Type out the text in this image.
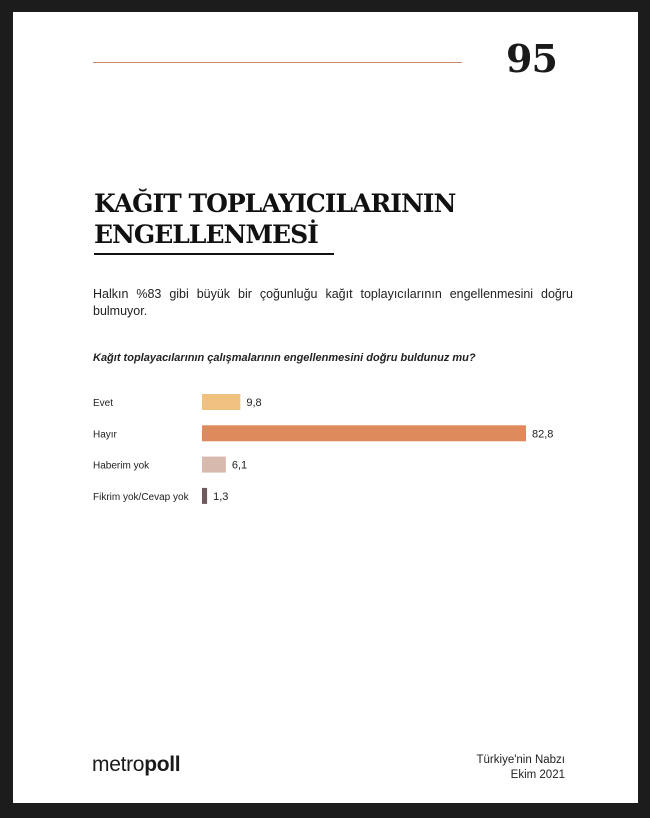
95
KAĞIT TOPLAYICILARININ
ENGELLENMESİ
Halkın %83 gibi büyük bir çoğunluğu kağıt toplayıcılarının engellenmesini doğru bulmuyor.
Kağıt toplayacılarının çalışmalarının engellenmesini doğru buldunuz mu?
Evet	9,8
Hayır	82,8
Haberim yok	6,1
Fikrim yok/Cevap yok 1,3
metropoll	Türkiye'nin Nabzı
Ekim 2021
